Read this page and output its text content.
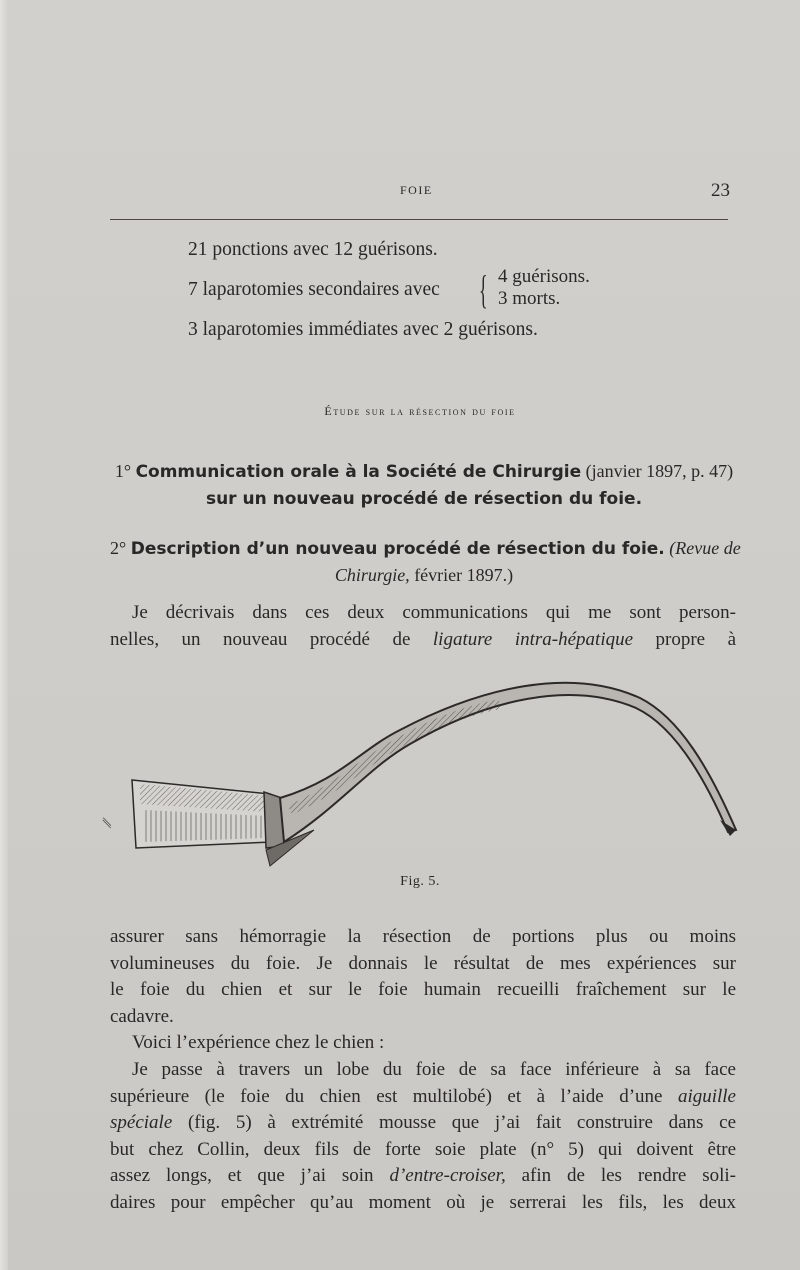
FOIE	23
21 ponctions avec 12 guérisons.
7 laparotomies secondaires avec { 4 guérisons.
3 morts.
3 laparotomies immédiates avec 2 guérisons.
Étude sur la résection du foie
1° Communication orale à la Société de Chirurgie (janvier 1897, p. 47)
sur un nouveau procédé de résection du foie.
2° Description d’un nouveau procédé de résection du foie. (Revue de
Chirurgie, février 1897.)
Je décrivais dans ces deux communications qui me sont person-
nelles, un nouveau procédé de ligature intra-hépatique propre à
⁄⁄
Fig. 5.
assurer sans hémorragie la résection de portions plus ou moins
volumineuses du foie. Je donnais le résultat de mes expériences sur
le foie du chien et sur le foie humain recueilli fraîchement sur le
cadavre.
Voici l’expérience chez le chien :
Je passe à travers un lobe du foie de sa face inférieure à sa face
supérieure (le foie du chien est multilobé) et à l’aide d’une aiguille
spéciale (fig. 5) à extrémité mousse que j’ai fait construire dans ce
but chez Collin, deux fils de forte soie plate (n° 5) qui doivent être
assez longs, et que j’ai soin d’entre-croiser, afin de les rendre soli-
daires pour empêcher qu’au moment où je serrerai les fils, les deux
